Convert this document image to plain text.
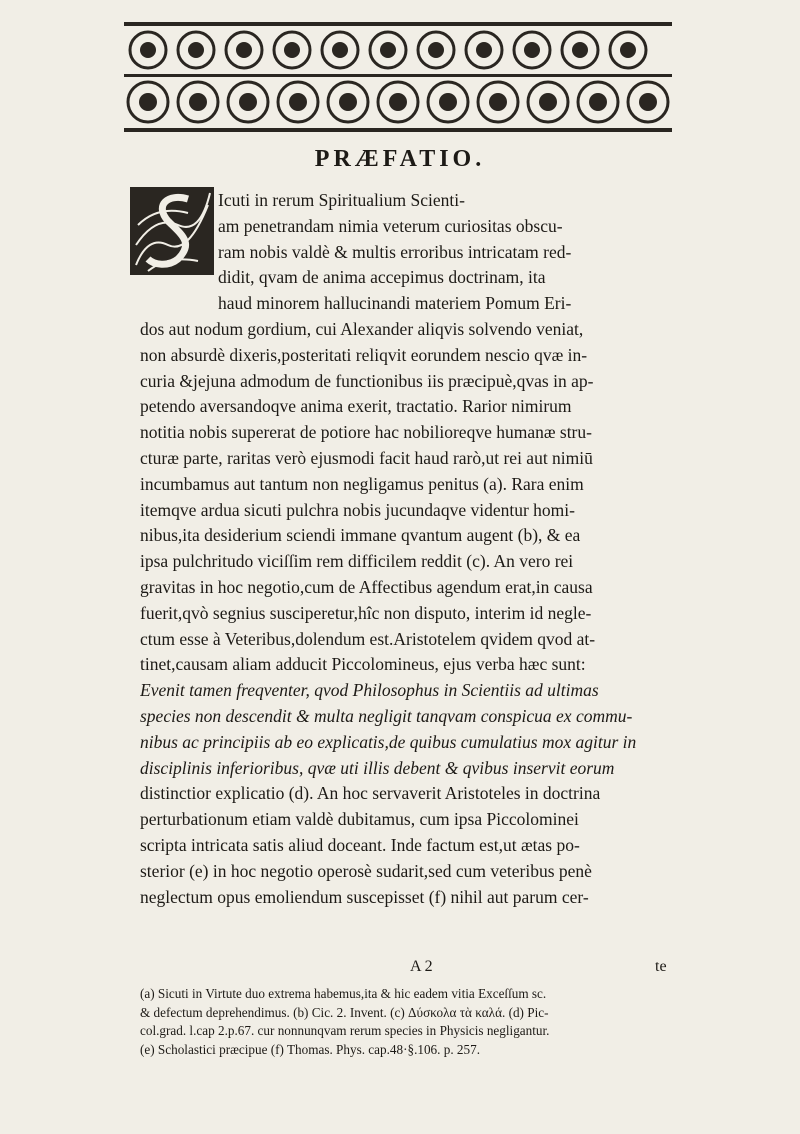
PRÆFATIO.
Icuti in rerum Spiritualium Scienti-
am penetrandam nimia veterum curiositas obscu-
ram nobis valdè & multis erroribus intricatam red-
didit, qvam de anima accepimus doctrinam, ita
haud minorem hallucinandi materiem Pomum Eri-
dos aut nodum gordium, cui Alexander aliqvis solvendo veniat,
non absurdè dixeris,posteritati reliqvit eorundem nescio qvæ in-
curia &jejuna admodum de functionibus iis præcipuè,qvas in ap-
petendo aversandoqve anima exerit, tractatio. Rarior nimirum
notitia nobis supererat de potiore hac nobilioreqve humanæ stru-
cturæ parte, raritas verò ejusmodi facit haud rarò,ut rei aut nimiū
incumbamus aut tantum non negligamus penitus (a). Rara enim
itemqve ardua sicuti pulchra nobis jucundaqve videntur homi-
nibus,ita desiderium sciendi immane qvantum augent (b), & ea
ipsa pulchritudo viciſſim rem difficilem reddit (c). An vero rei
gravitas in hoc negotio,cum de Affectibus agendum erat,in causa
fuerit,qvò segnius susciperetur,hîc non disputo, interim id negle-
ctum esse à Veteribus,dolendum est.Aristotelem qvidem qvod at-
tinet,causam aliam adducit Piccolomineus, ejus verba hæc sunt:
Evenit tamen freqventer, qvod Philosophus in Scientiis ad ultimas
species non descendit & multa negligit tanqvam conspicua ex commu-
nibus ac principiis ab eo explicatis,de quibus cumulatius mox agitur in
disciplinis inferioribus, qvæ uti illis debent & qvibus inservit eorum
distinctior explicatio (d). An hoc servaverit Aristoteles in doctrina
perturbationum etiam valdè dubitamus, cum ipsa Piccolominei
scripta intricata satis aliud doceant. Inde factum est,ut ætas po-
sterior (e) in hoc negotio operosè sudarit,sed cum veteribus penè
neglectum opus emoliendum suscepisset (f) nihil aut parum cer-
A 2	te
(a) Sicuti in Virtute duo extrema habemus,ita & hic eadem vitia Exceſſum sc.
& defectum deprehendimus. (b) Cic. 2. Invent. (c) Δύσκολα τὰ καλά. (d) Pic-
col.grad. l.cap 2.p.67. cur nonnunqvam rerum species in Physicis negligantur.
(e) Scholastici præcipue (f) Thomas. Phys. cap.48·§.106. p. 257.
